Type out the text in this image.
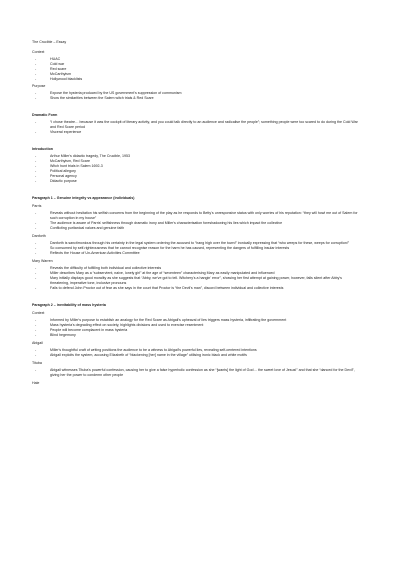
The Crucible – Essay
Context
- HUAC
- Cold war
- Red scare
- McCarthyism
- Hollywood blacklists
Purpose
- Expose the hysteria produced by the US government's suppression of communism
- Show the similarities between the Salem witch trials & Red Scare
Dramatic Form
- “I chose theatre… because it was the cockpit of literary activity, and you could talk directly to an audience and radicalise the people”; something people were too scared to do during the Cold War and Red Scare period
- Visceral experience
Introduction
- Arthur Miller's didactic tragedy, The Crucible, 1953
- McCarthyism, Red Scare
- Witch hunt trials in Salem 1692-3
- Political allegory
- Personal agency
- Didactic purpose
Paragraph 1 – Genuine integrity vs appearance (individuals)
Parris
- Reveals without hesitation his selfish concerns from the beginning of the play as he responds to Betty's unresponsive status with only worries of his reputation: “they will howl me out of Salem for such corruption in my house”
- The audience is aware of Parris' selfishness through dramatic irony and Miller's characterisation foreshadowing his lies which impact the collective
- Conflicting puritanical values and genuine faith
Danforth
- Danforth is sanctimonious through his certainty in the legal system ordering the accused to “hang high over the town!” ironically expressing that “who weeps for these, weeps for corruption!”
- So consumed by self-righteousness that he cannot recognise reason for the harm he has caused, representing the dangers of fulfilling insular interests
- Reflects the House of Un-American Activities Committee
Mary Warren
- Reveals the difficulty of fulfilling both individual and collective interests
- Miller describes Mary as a “subservient, naive, lonely girl” at the age of “seventeen” characterising Mary as easily manipulated and influenced
- Mary initially displays good morality as she suggests that “Abby, we've got to tell. Witchery's a hangin' error”, showing her first attempt at gaining power, however, falls silent after Abby's threatening, imperative tone, inclusive pronouns
- Fails to defend John Proctor out of fear as she says in the court that Proctor is “the Devil's man”, discord between individual and collective interests
Paragraph 2 – inevitability of mass hysteria
Context
- Informed by Miller's purpose to establish an analogy for the Red Scare as Abigail's upheaval of lies triggers mass hysteria, infiltrating the government
- Mass hysteria's degrading effect on society, highlights divisions and used to exercise resentment
- People will become complacent in mass hysteria
- Blind hegemony
Abigail
- Miller's thoughtful craft of writing positions the audience to be a witness to Abigail's powerful lies, revealing self-centered intentions
- Abigail exploits the system, accusing Elizabeth of “blackening [her] name in the village” utilising ironic black and white motifs
Tituba
- Abigail witnesses Tituba's powerful confession, causing her to give a false hyperbolic confession as she “[wants] the light of God… the sweet love of Jesus!” and that she “danced for the Devil”, giving her the power to condemn other people
Hale
